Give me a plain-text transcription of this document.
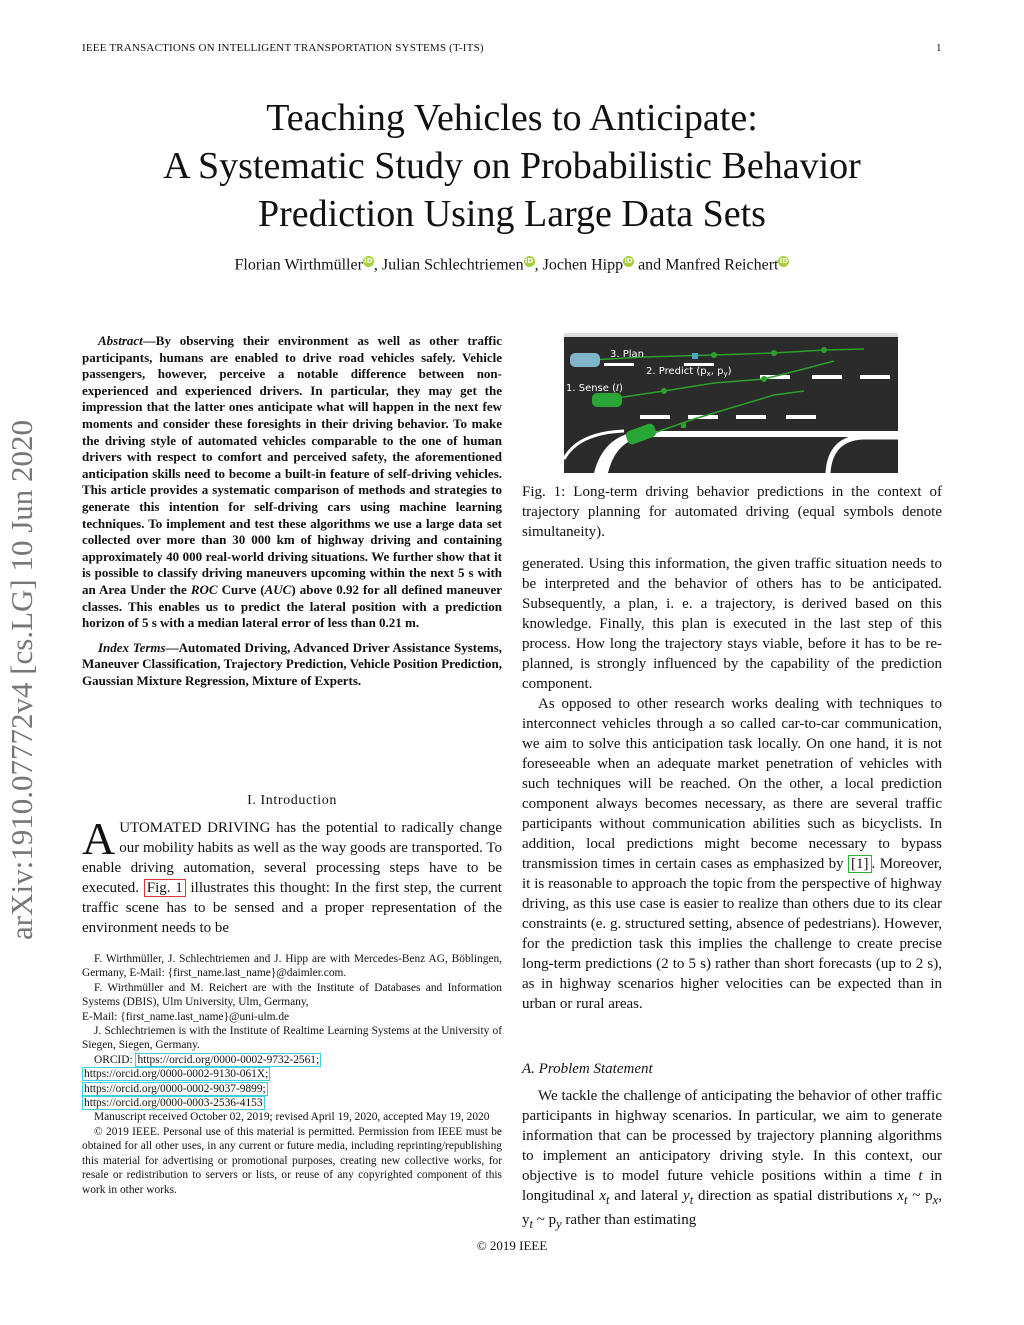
IEEE TRANSACTIONS ON INTELLIGENT TRANSPORTATION SYSTEMS (T-ITS)	1
Teaching Vehicles to Anticipate:
A Systematic Study on Probabilistic Behavior
Prediction Using Large Data Sets
Florian WirthmülleriD, Julian SchlechtriemeniD, Jochen HippiD and Manfred ReichertiD
arXiv:1910.07772v4 [cs.LG] 10 Jun 2020
Abstract—By observing their environment as well as other traffic participants, humans are enabled to drive road vehicles safely. Vehicle passengers, however, perceive a notable difference between non-experienced and experienced drivers. In particular, they may get the impression that the latter ones anticipate what will happen in the next few moments and consider these foresights in their driving behavior. To make the driving style of automated vehicles comparable to the one of human drivers with respect to comfort and perceived safety, the aforementioned anticipation skills need to become a built-in feature of self-driving vehicles. This article provides a systematic comparison of methods and strategies to generate this intention for self-driving cars using machine learning techniques. To implement and test these algorithms we use a large data set collected over more than 30 000 km of highway driving and containing approximately 40 000 real-world driving situations. We further show that it is possible to classify driving maneuvers upcoming within the next 5 s with an Area Under the ROC Curve (AUC) above 0.92 for all defined maneuver classes. This enables us to predict the lateral position with a prediction horizon of 5 s with a median lateral error of less than 0.21 m.
Index Terms—Automated Driving, Advanced Driver Assistance Systems, Maneuver Classification, Trajectory Prediction, Vehicle Position Prediction, Gaussian Mixture Regression, Mixture of Experts.
I. Introduction
AUTOMATED DRIVING has the potential to radically change our mobility habits as well as the way goods are transported. To enable driving automation, several processing steps have to be executed. Fig. 1 illustrates this thought: In the first step, the current traffic scene has to be sensed and a proper representation of the environment needs to be

F. Wirthmüller, J. Schlechtriemen and J. Hipp are with Mercedes-Benz AG, Böblingen, Germany, E-Mail: {first_name.last_name}@daimler.com.

F. Wirthmüller and M. Reichert are with the Institute of Databases and Information Systems (DBIS), Ulm University, Ulm, Germany,

E-Mail: {first_name.last_name}@uni-ulm.de

J. Schlechtriemen is with the Institute of Realtime Learning Systems at the University of Siegen, Siegen, Germany.

ORCID: https://orcid.org/0000-0002-9732-2561;

https://orcid.org/0000-0002-9130-061X;

https://orcid.org/0000-0002-9037-9899;

https://orcid.org/0000-0003-2536-4153

Manuscript received October 02, 2019; revised April 19, 2020, accepted May 19, 2020

© 2019 IEEE. Personal use of this material is permitted. Permission from IEEE must be obtained for all other uses, in any current or future media, including reprinting/republishing this material for advertising or promotional purposes, creating new collective works, for resale or redistribution to servers or lists, or reuse of any copyrighted component of this work in other works.

3. Plan
2. Predict ($p_x$, $p_y$)
1. Sense (I)
Fig. 1: Long-term driving behavior predictions in the context of trajectory planning for automated driving (equal symbols denote simultaneity).

generated. Using this information, the given traffic situation needs to be interpreted and the behavior of others has to be anticipated. Subsequently, a plan, i. e. a trajectory, is derived based on this knowledge. Finally, this plan is executed in the last step of this process. How long the trajectory stays viable, before it has to be re-planned, is strongly influenced by the capability of the prediction component.

As opposed to other research works dealing with techniques to interconnect vehicles through a so called car-to-car communication, we aim to solve this anticipation task locally. On one hand, it is not foreseeable when an adequate market penetration of vehicles with such techniques will be reached. On the other, a local prediction component always becomes necessary, as there are several traffic participants without communication abilities such as bicyclists. In addition, local predictions might become necessary to bypass transmission times in certain cases as emphasized by [1] . Moreover, it is reasonable to approach the topic from the perspective of highway driving, as this use case is easier to realize than others due to its clear constraints (e. g. structured setting, absence of pedestrians). However, for the prediction task this implies the challenge to create precise long-term predictions (2 to 5 s) rather than short forecasts (up to 2 s), as in highway scenarios higher velocities can be expected than in urban or rural areas.

A. Problem Statement
We tackle the challenge of anticipating the behavior of other traffic participants in highway scenarios. In particular, we aim to generate information that can be processed by trajectory planning algorithms to implement an anticipatory driving style. In this context, our objective is to model future vehicle positions within a time t in longitudinal $x_t$ and lateral $y_t$ direction as spatial distributions $x_t$ ~ $p_x$, $y_t$ ~ $p_y$ rather than estimating
© 2019 IEEE
